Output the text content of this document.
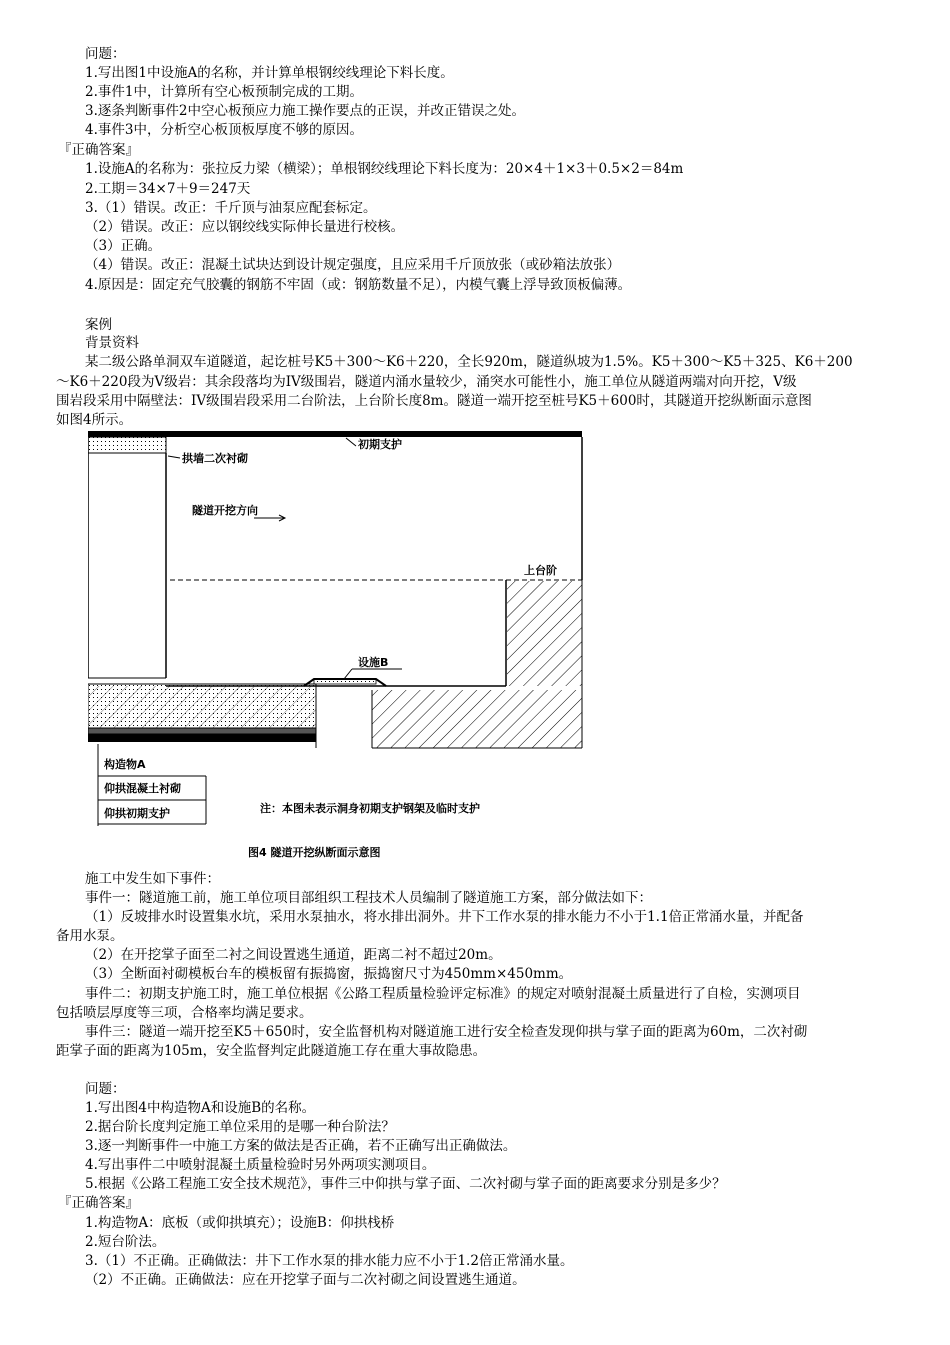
问题：
1.写出图1中设施A的名称，并计算单根钢绞线理论下料长度。
2.事件1中，计算所有空心板预制完成的工期。
3.逐条判断事件2中空心板预应力施工操作要点的正误，并改正错误之处。
4.事件3中，分析空心板顶板厚度不够的原因。
『正确答案』
1.设施A的名称为：张拉反力梁（横梁）；单根钢绞线理论下料长度为：20×4＋1×3＋0.5×2＝84m
2.工期＝34×7＋9＝247天
3.（1）错误。改正：千斤顶与油泵应配套标定。
（2）错误。改正：应以钢绞线实际伸长量进行校核。
（3）正确。
（4）错误。改正：混凝土试块达到设计规定强度，且应采用千斤顶放张（或砂箱法放张）
4.原因是：固定充气胶囊的钢筋不牢固（或：钢筋数量不足），内模气囊上浮导致顶板偏薄。
案例
背景资料
某二级公路单洞双车道隧道，起讫桩号K5＋300～K6＋220，全长920m，隧道纵坡为1.5%。K5＋300～K5＋325、K6＋200
～K6＋220段为V级岩：其余段落均为IV级围岩，隧道内涌水量较少，涌突水可能性小，施工单位从隧道两端对向开挖，V级
围岩段采用中隔壁法：IV级围岩段采用二台阶法，上台阶长度8m。隧道一端开挖至桩号K5＋600时，其隧道开挖纵断面示意图
如图4所示。
初期支护
拱墙二次衬砌
隧道开挖方向
上台阶
设施B
构造物A
仰拱混凝土衬砌
仰拱初期支护	注：本图未表示洞身初期支护钢架及临时支护
图4 隧道开挖纵断面示意图
施工中发生如下事件：
事件一：隧道施工前，施工单位项目部组织工程技术人员编制了隧道施工方案，部分做法如下：
（1）反坡排水时设置集水坑，采用水泵抽水，将水排出洞外。井下工作水泵的排水能力不小于1.1倍正常涌水量，并配备
备用水泵。
（2）在开挖掌子面至二衬之间设置逃生通道，距离二衬不超过20m。
（3）全断面衬砌模板台车的模板留有振捣窗，振捣窗尺寸为450mm×450mm。
事件二：初期支护施工时，施工单位根据《公路工程质量检验评定标准》的规定对喷射混凝土质量进行了自检，实测项目
包括喷层厚度等三项，合格率均满足要求。
事件三：隧道一端开挖至K5＋650时，安全监督机构对隧道施工进行安全检查发现仰拱与掌子面的距离为60m，二次衬砌
距掌子面的距离为105m，安全监督判定此隧道施工存在重大事故隐患。
问题：
1.写出图4中构造物A和设施B的名称。
2.据台阶长度判定施工单位采用的是哪一种台阶法？
3.逐一判断事件一中施工方案的做法是否正确，若不正确写出正确做法。
4.写出事件二中喷射混凝土质量检验时另外两项实测项目。
5.根据《公路工程施工安全技术规范》，事件三中仰拱与掌子面、二次衬砌与掌子面的距离要求分别是多少？
『正确答案』
1.构造物A：底板（或仰拱填充）；设施B：仰拱栈桥
2.短台阶法。
3.（1）不正确。正确做法：井下工作水泵的排水能力应不小于1.2倍正常涌水量。
（2）不正确。正确做法：应在开挖掌子面与二次衬砌之间设置逃生通道。
